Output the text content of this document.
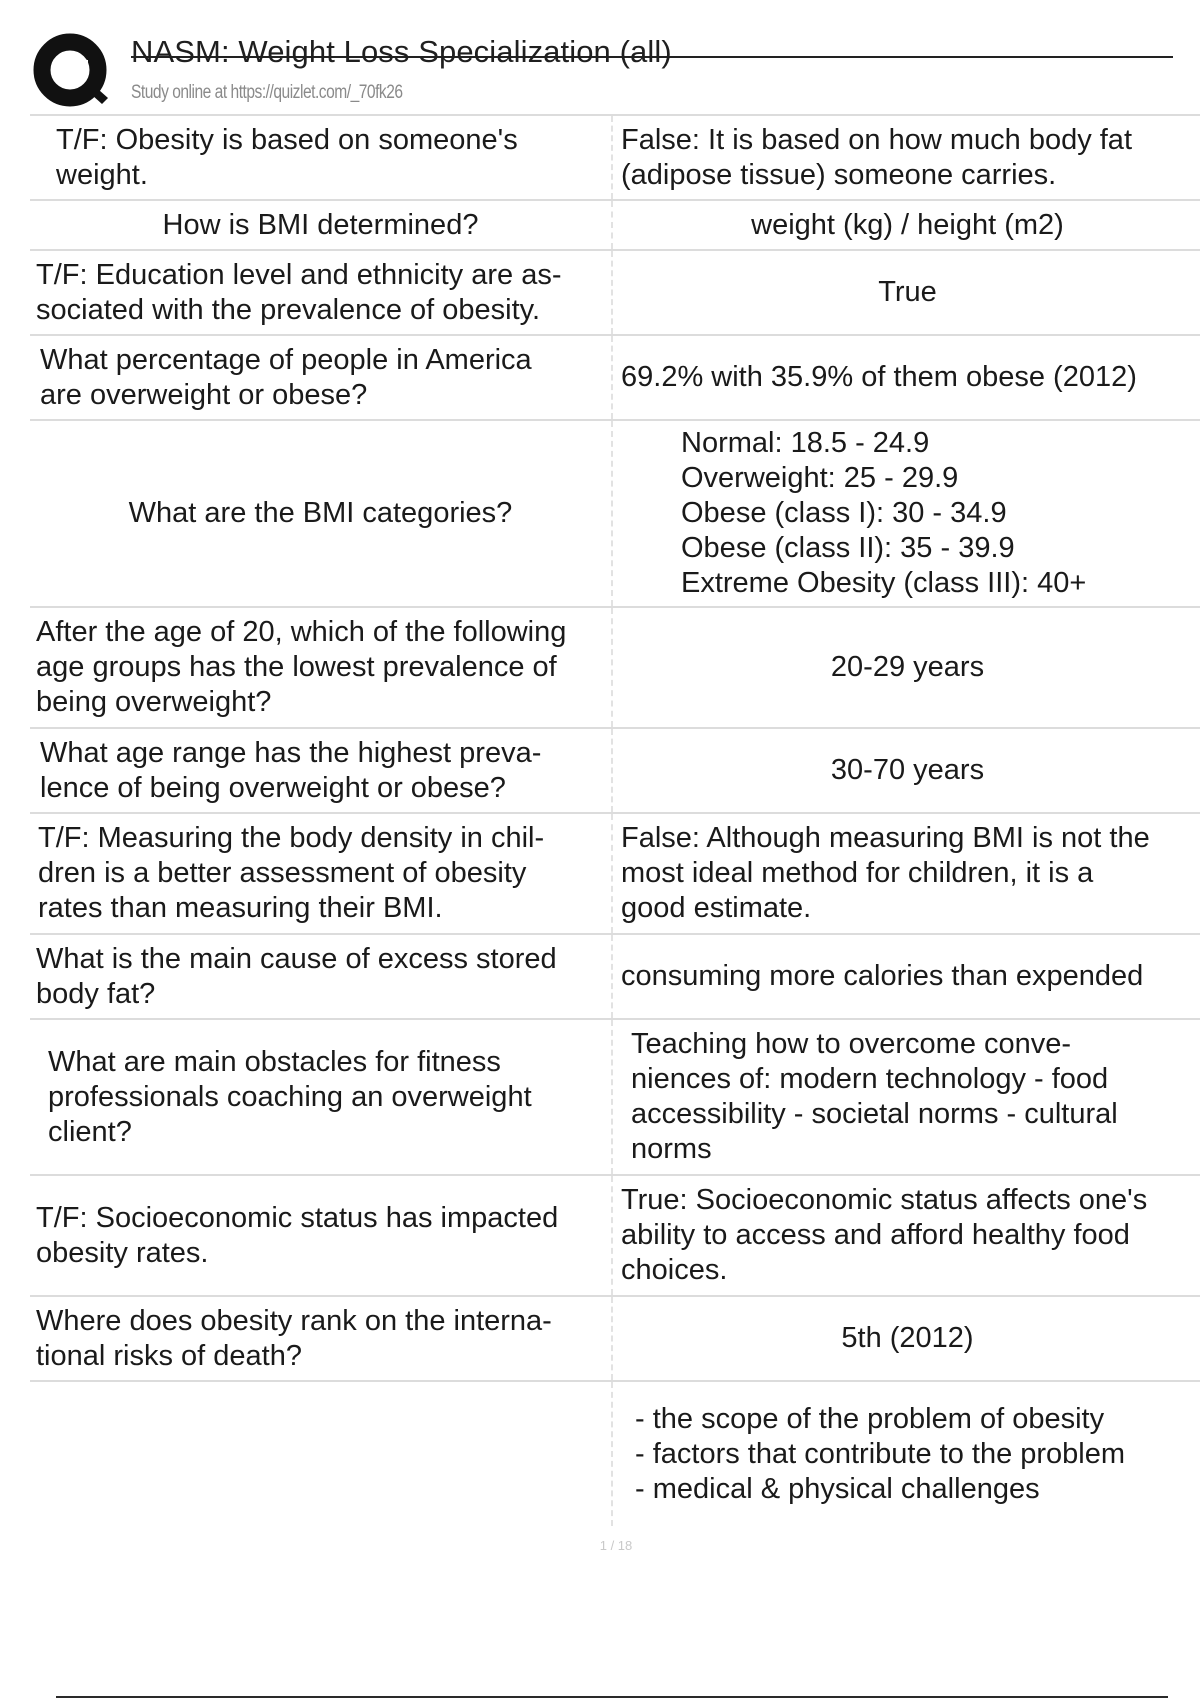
NASM: Weight Loss Specialization (all)
Study online at https://quizlet.com/_70fk26
T/F: Obesity is based on someone's
weight.
False: It is based on how much body fat
(adipose tissue) someone carries.
How is BMI determined?	weight (kg) / height (m2)
T/F: Education level and ethnicity are as-
sociated with the prevalence of obesity.
True
What percentage of people in America
are overweight or obese?
69.2% with 35.9% of them obese (2012)
What are the BMI categories?
Normal: 18.5 - 24.9
Overweight: 25 - 29.9
Obese (class I): 30 - 34.9
Obese (class II): 35 - 39.9
Extreme Obesity (class III): 40+
After the age of 20, which of the following
age groups has the lowest prevalence of
being overweight?
20-29 years
What age range has the highest preva-
lence of being overweight or obese?
30-70 years
T/F: Measuring the body density in chil-
dren is a better assessment of obesity
rates than measuring their BMI.
False: Although measuring BMI is not the
most ideal method for children, it is a
good estimate.
What is the main cause of excess stored
body fat?
consuming more calories than expended
What are main obstacles for fitness
professionals coaching an overweight
client?
Teaching how to overcome conve-
niences of: modern technology - food
accessibility - societal norms - cultural
norms
T/F: Socioeconomic status has impacted
obesity rates.
True: Socioeconomic status affects one's
ability to access and afford healthy food
choices.
Where does obesity rank on the interna-
tional risks of death?
5th (2012)
- the scope of the problem of obesity
- factors that contribute to the problem
- medical & physical challenges
1 / 18
